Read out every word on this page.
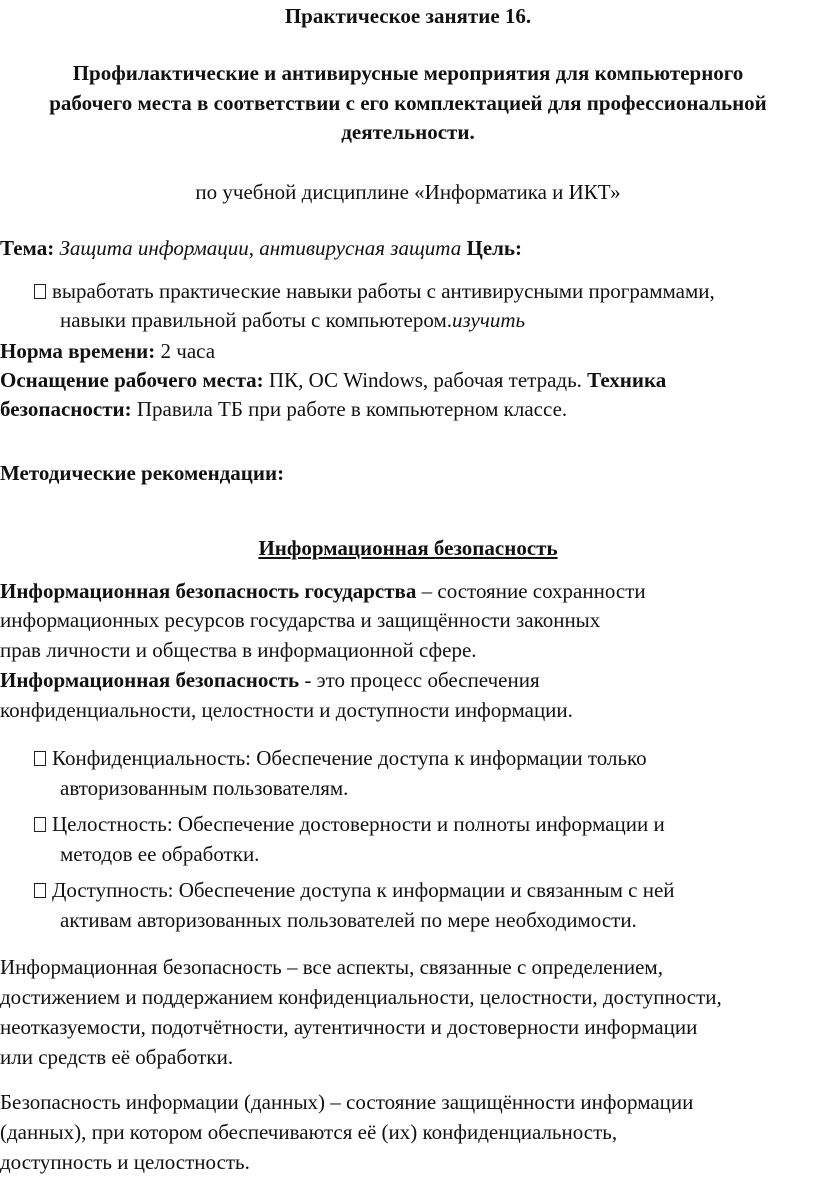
Практическое занятие 16.
Профилактические и антивирусные мероприятия для компьютерного
рабочего места в соответствии с его комплектацией для профессиональной
деятельности.
по учебной дисциплине «Информатика и ИКТ»
Тема: Защита информации, антивирусная защита Цель:
выработать практические навыки работы с антивирусными программами,
навыки правильной работы с компьютером.изучить
Норма времени: 2 часа
Оснащение рабочего места: ПК, ОС Windows, рабочая тетрадь. Техника
безопасности: Правила ТБ при работе в компьютерном классе.
Методические рекомендации:
Информационная безопасность
Информационная безопасность государства – состояние сохранности
информационных ресурсов государства и защищённости законных
прав личности и общества в информационной сфере.
Информационная безопасность - это процесс обеспечения
конфиденциальности, целостности и доступности информации.
Конфиденциальность: Обеспечение доступа к информации только
авторизованным пользователям.
Целостность: Обеспечение достоверности и полноты информации и
методов ее обработки.
Доступность: Обеспечение доступа к информации и связанным с ней
активам авторизованных пользователей по мере необходимости.
Информационная безопасность – все аспекты, связанные с определением,
достижением и поддержанием конфиденциальности, целостности, доступности,
неотказуемости, подотчётности, аутентичности и достоверности информации
или средств её обработки.
Безопасность информации (данных) – состояние защищённости информации
(данных), при котором обеспечиваются её (их) конфиденциальность,
доступность и целостность.
